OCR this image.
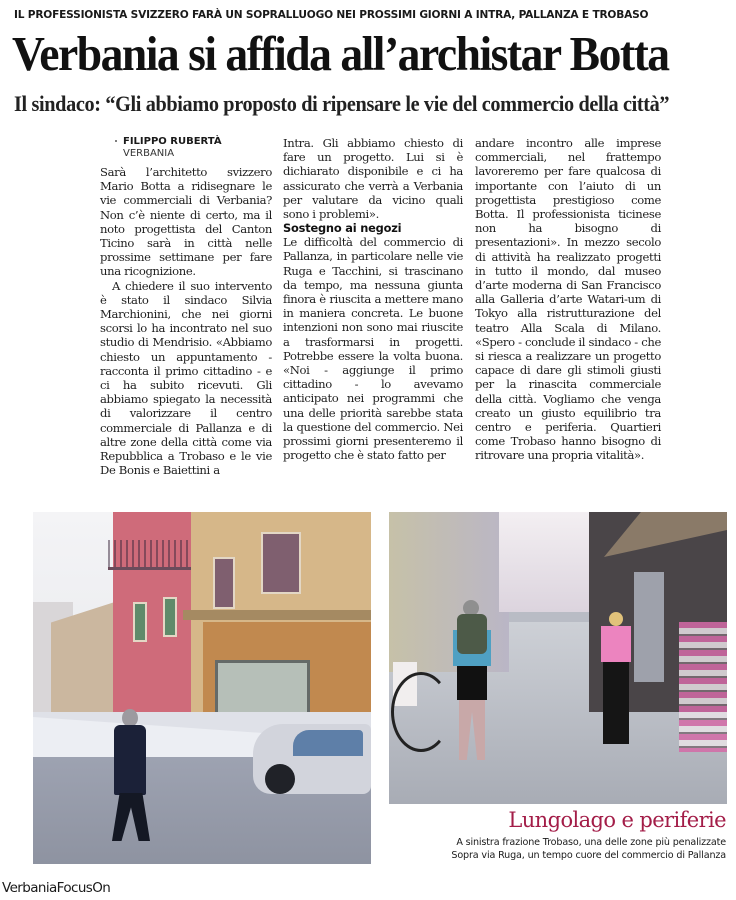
IL PROFESSIONISTA SVIZZERO FARÀ UN SOPRALLUOGO NEI PROSSIMI GIORNI A INTRA, PALLANZA E TROBASO
Verbania si affida all’archistar Botta
Il sindaco: “Gli abbiamo proposto di ripensare le vie del commercio della città”
FILIPPO RUBERTÀ
VERBANIA

Sarà l’architetto svizzero Mario Botta a ridisegnare le vie commerciali di Verbania? Non c’è niente di certo, ma il noto progettista del Canton Ticino sarà in città nelle prossime settimane per fare una ricognizione.

A chiedere il suo intervento è stato il sindaco Silvia Marchionini, che nei giorni scorsi lo ha incontrato nel suo studio di Mendrisio. «Abbiamo chiesto un appuntamento - racconta il primo cittadino - e ci ha subito ricevuti. Gli abbiamo spiegato la necessità di valorizzare il centro commerciale di Pallanza e di altre zone della città come via Repubblica a Trobaso e le vie De Bonis e Baiettini a

Intra. Gli abbiamo chiesto di fare un progetto. Lui si è dichiarato disponibile e ci ha assicurato che verrà a Verbania per valutare da vicino quali sono i problemi».

Sostegno ai negozi

Le difficoltà del commercio di Pallanza, in particolare nelle vie Ruga e Tacchini, si trascinano da tempo, ma nessuna giunta finora è riuscita a mettere mano in maniera concreta. Le buone intenzioni non sono mai riuscite a trasformarsi in progetti. Potrebbe essere la volta buona. «Noi - aggiunge il primo cittadino - lo avevamo anticipato nei programmi che una delle priorità sarebbe stata la questione del commercio. Nei prossimi giorni presenteremo il progetto che è stato fatto per

andare incontro alle imprese commerciali, nel frattempo lavoreremo per fare qualcosa di importante con l’aiuto di un progettista prestigioso come Botta. Il professionista ticinese non ha bisogno di presentazioni». In mezzo secolo di attività ha realizzato progetti in tutto il mondo, dal museo d’arte moderna di San Francisco alla Galleria d’arte Watari-um di Tokyo alla ristrutturazione del teatro Alla Scala di Milano. «Spero - conclude il sindaco - che si riesca a realizzare un progetto capace di dare gli stimoli giusti per la rinascita commerciale della città. Vogliamo che venga creato un giusto equilibrio tra centro e periferia. Quartieri come Trobaso hanno bisogno di ritrovare una propria vitalità».

Lungolago e periferie
A sinistra frazione Trobaso, una delle zone più penalizzate
Sopra via Ruga, un tempo cuore del commercio di Pallanza
VerbaniaFocusOn
